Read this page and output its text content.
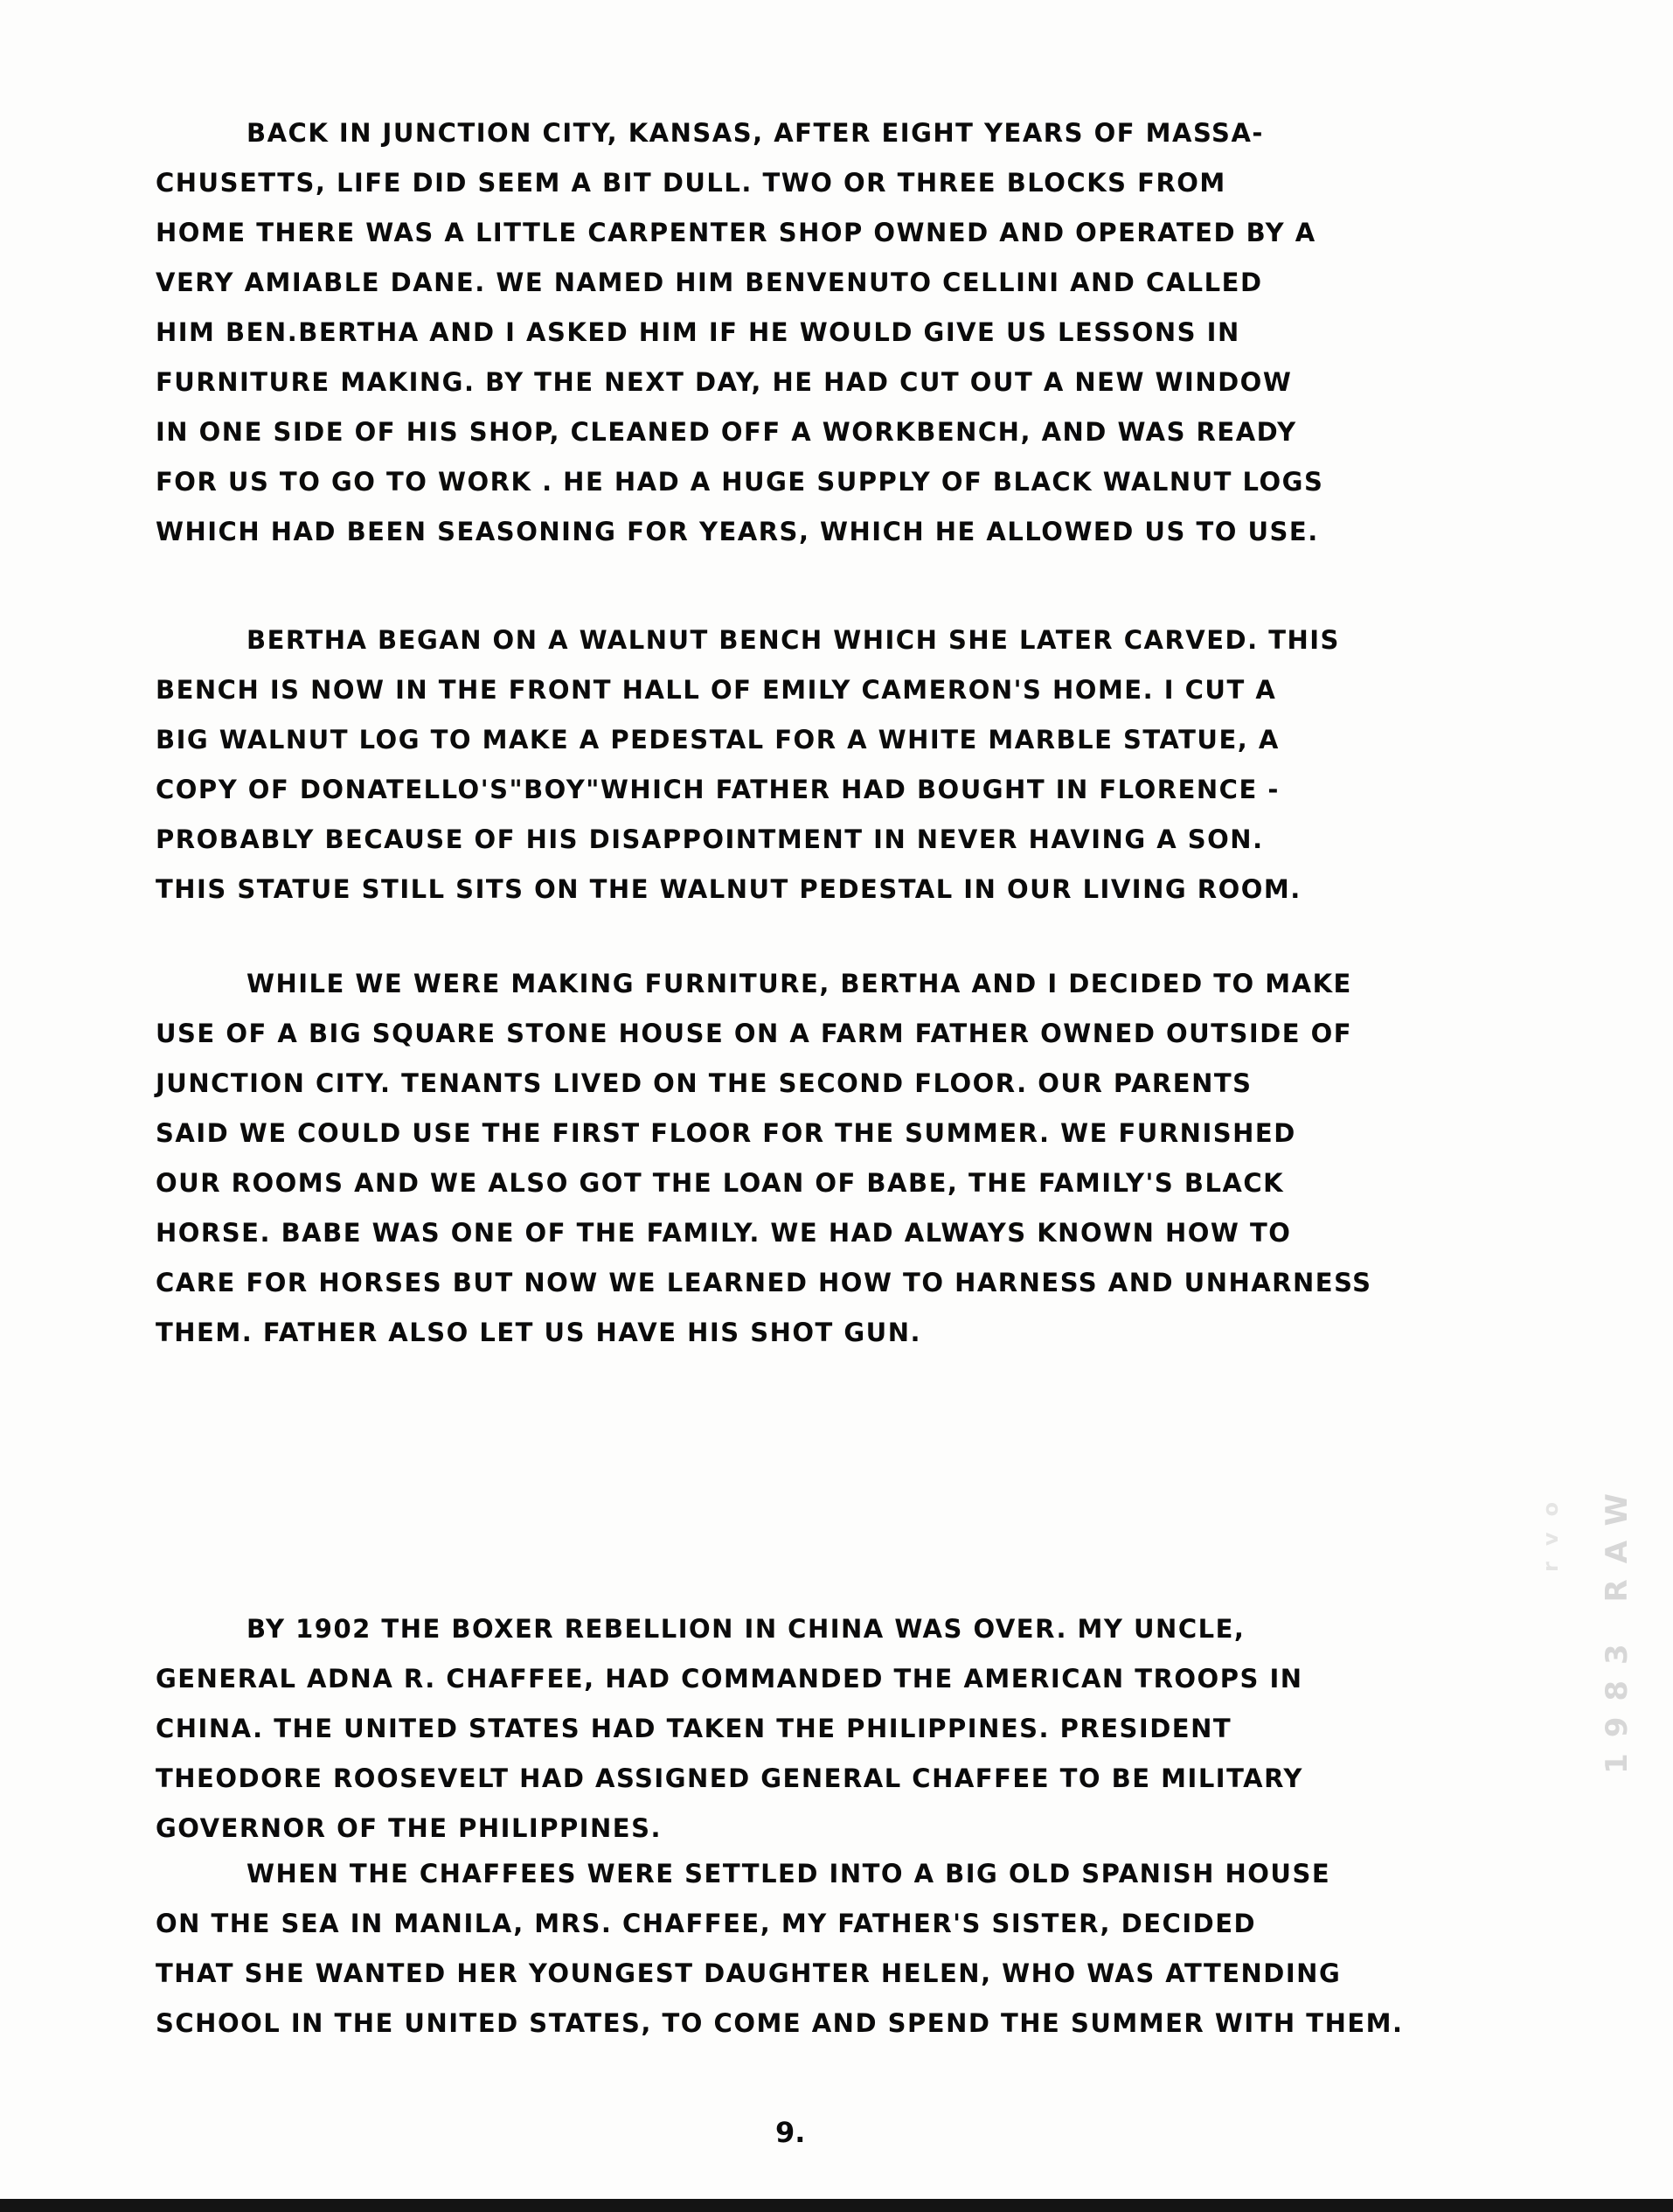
BACK IN JUNCTION CITY, KANSAS, AFTER EIGHT YEARS OF MASSA-
CHUSETTS, LIFE DID SEEM A BIT DULL. TWO OR THREE BLOCKS FROM
HOME THERE WAS A LITTLE CARPENTER SHOP OWNED AND OPERATED BY A
VERY AMIABLE DANE. WE NAMED HIM BENVENUTO CELLINI AND CALLED
HIM BEN.BERTHA AND I ASKED HIM IF HE WOULD GIVE US LESSONS IN
FURNITURE MAKING. BY THE NEXT DAY, HE HAD CUT OUT A NEW WINDOW
IN ONE SIDE OF HIS SHOP, CLEANED OFF A WORKBENCH, AND WAS READY
FOR US TO GO TO WORK . HE HAD A HUGE SUPPLY OF BLACK WALNUT LOGS
WHICH HAD BEEN SEASONING FOR YEARS, WHICH HE ALLOWED US TO USE.
BERTHA BEGAN ON A WALNUT BENCH WHICH SHE LATER CARVED. THIS
BENCH IS NOW IN THE FRONT HALL OF EMILY CAMERON'S HOME. I CUT A
BIG WALNUT LOG TO MAKE A PEDESTAL FOR A WHITE MARBLE STATUE, A
COPY OF DONATELLO'S"BOY"WHICH FATHER HAD BOUGHT IN FLORENCE -
PROBABLY BECAUSE OF HIS DISAPPOINTMENT IN NEVER HAVING A SON.
THIS STATUE STILL SITS ON THE WALNUT PEDESTAL IN OUR LIVING ROOM.
WHILE WE WERE MAKING FURNITURE, BERTHA AND I DECIDED TO MAKE
USE OF A BIG SQUARE STONE HOUSE ON A FARM FATHER OWNED OUTSIDE OF
JUNCTION CITY. TENANTS LIVED ON THE SECOND FLOOR. OUR PARENTS
SAID WE COULD USE THE FIRST FLOOR FOR THE SUMMER. WE FURNISHED
OUR ROOMS AND WE ALSO GOT THE LOAN OF BABE, THE FAMILY'S BLACK
HORSE. BABE WAS ONE OF THE FAMILY. WE HAD ALWAYS KNOWN HOW TO
CARE FOR HORSES BUT NOW WE LEARNED HOW TO HARNESS AND UNHARNESS
THEM. FATHER ALSO LET US HAVE HIS SHOT GUN.
BY 1902 THE BOXER REBELLION IN CHINA WAS OVER. MY UNCLE,
GENERAL ADNA R. CHAFFEE, HAD COMMANDED THE AMERICAN TROOPS IN
CHINA. THE UNITED STATES HAD TAKEN THE PHILIPPINES. PRESIDENT
THEODORE ROOSEVELT HAD ASSIGNED GENERAL CHAFFEE TO BE MILITARY
GOVERNOR OF THE PHILIPPINES.
WHEN THE CHAFFEES WERE SETTLED INTO A BIG OLD SPANISH HOUSE
ON THE SEA IN MANILA, MRS. CHAFFEE, MY FATHER'S SISTER, DECIDED
THAT SHE WANTED HER YOUNGEST DAUGHTER HELEN, WHO WAS ATTENDING
SCHOOL IN THE UNITED STATES, TO COME AND SPEND THE SUMMER WITH THEM.
1983 RAW
rvo
9.
